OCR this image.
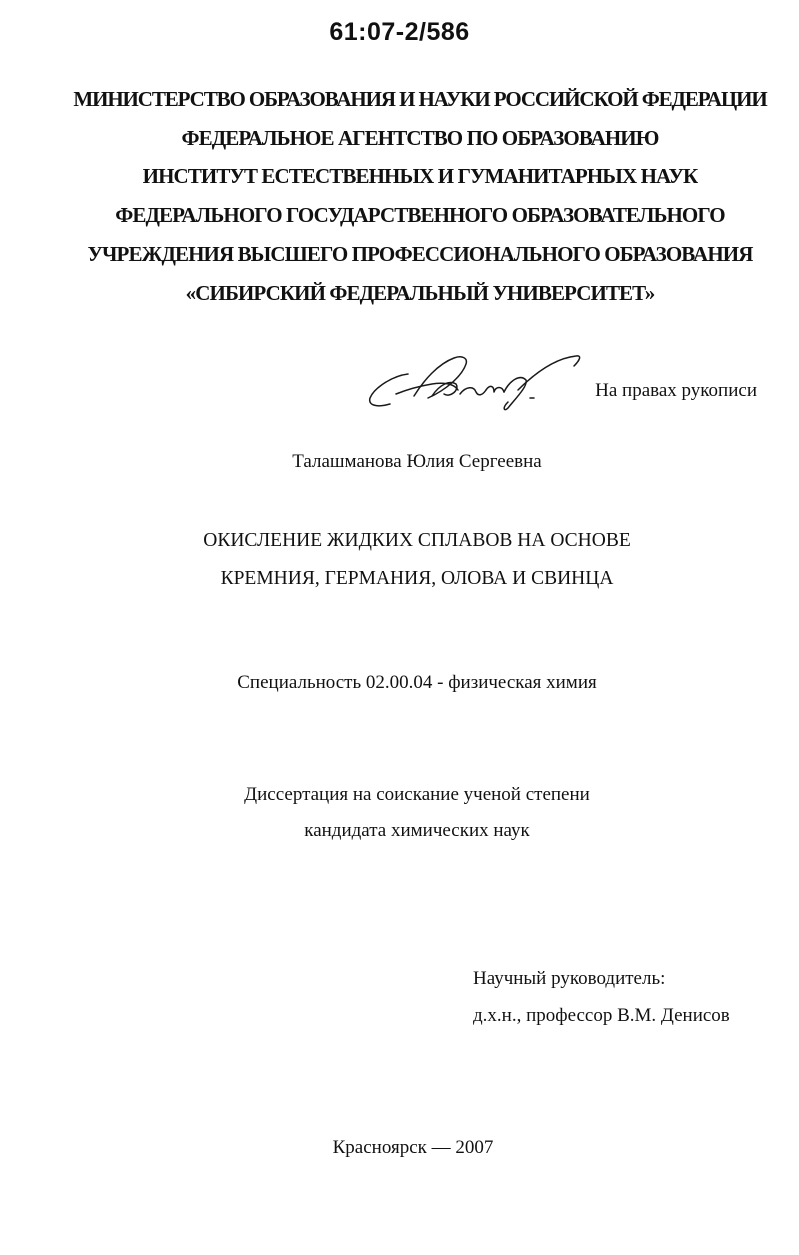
61:07-2/586
МИНИСТЕРСТВО ОБРАЗОВАНИЯ И НАУКИ РОССИЙСКОЙ ФЕДЕРАЦИИ
ФЕДЕРАЛЬНОЕ АГЕНТСТВО ПО ОБРАЗОВАНИЮ
ИНСТИТУТ ЕСТЕСТВЕННЫХ И ГУМАНИТАРНЫХ НАУК
ФЕДЕРАЛЬНОГО ГОСУДАРСТВЕННОГО ОБРАЗОВАТЕЛЬНОГО
УЧРЕЖДЕНИЯ ВЫСШЕГО ПРОФЕССИОНАЛЬНОГО ОБРАЗОВАНИЯ
«СИБИРСКИЙ ФЕДЕРАЛЬНЫЙ УНИВЕРСИТЕТ»
На правах рукописи
Талашманова Юлия Сергеевна
ОКИСЛЕНИЕ ЖИДКИХ СПЛАВОВ НА ОСНОВЕ
КРЕМНИЯ, ГЕРМАНИЯ, ОЛОВА И СВИНЦА
Специальность 02.00.04 - физическая химия
Диссертация на соискание ученой степени
кандидата химических наук
Научный руководитель:
д.х.н., профессор В.М. Денисов
Красноярск — 2007
